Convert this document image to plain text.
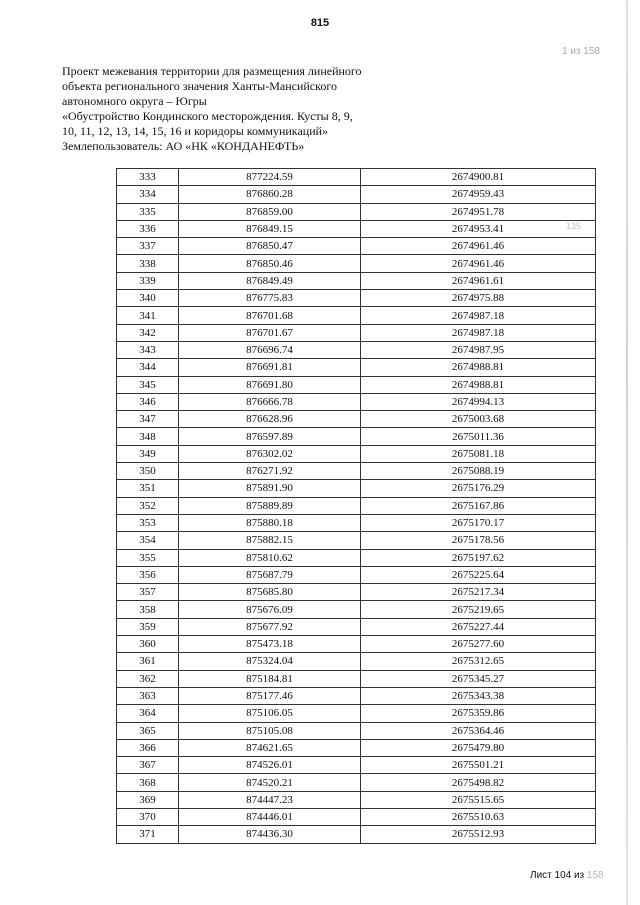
815
1 из 158
135
Проект межевания территории для размещения линейного
объекта регионального значения Ханты-Мансийского
автономного округа – Югры
«Обустройство Кондинского месторождения. Кусты 8, 9,
10, 11, 12, 13, 14, 15, 16 и коридоры коммуникаций»
Землепользователь: АО «НК «КОНДАНЕФТЬ»
333	877224.59	2674900.81
334	876860.28	2674959.43
335	876859.00	2674951.78
336	876849.15	2674953.41
337	876850.47	2674961.46
338	876850.46	2674961.46
339	876849.49	2674961.61
340	876775.83	2674975.88
341	876701.68	2674987.18
342	876701.67	2674987.18
343	876696.74	2674987.95
344	876691.81	2674988.81
345	876691.80	2674988.81
346	876666.78	2674994.13
347	876628.96	2675003.68
348	876597.89	2675011.36
349	876302.02	2675081.18
350	876271.92	2675088.19
351	875891.90	2675176.29
352	875889.89	2675167.86
353	875880.18	2675170.17
354	875882.15	2675178.56
355	875810.62	2675197.62
356	875687.79	2675225.64
357	875685.80	2675217.34
358	875676.09	2675219.65
359	875677.92	2675227.44
360	875473.18	2675277.60
361	875324.04	2675312.65
362	875184.81	2675345.27
363	875177.46	2675343.38
364	875106.05	2675359.86
365	875105.08	2675364.46
366	874621.65	2675479.80
367	874526.01	2675501.21
368	874520.21	2675498.82
369	874447.23	2675515.65
370	874446.01	2675510.63
371	874436.30	2675512.93
Лист 104 из 158
